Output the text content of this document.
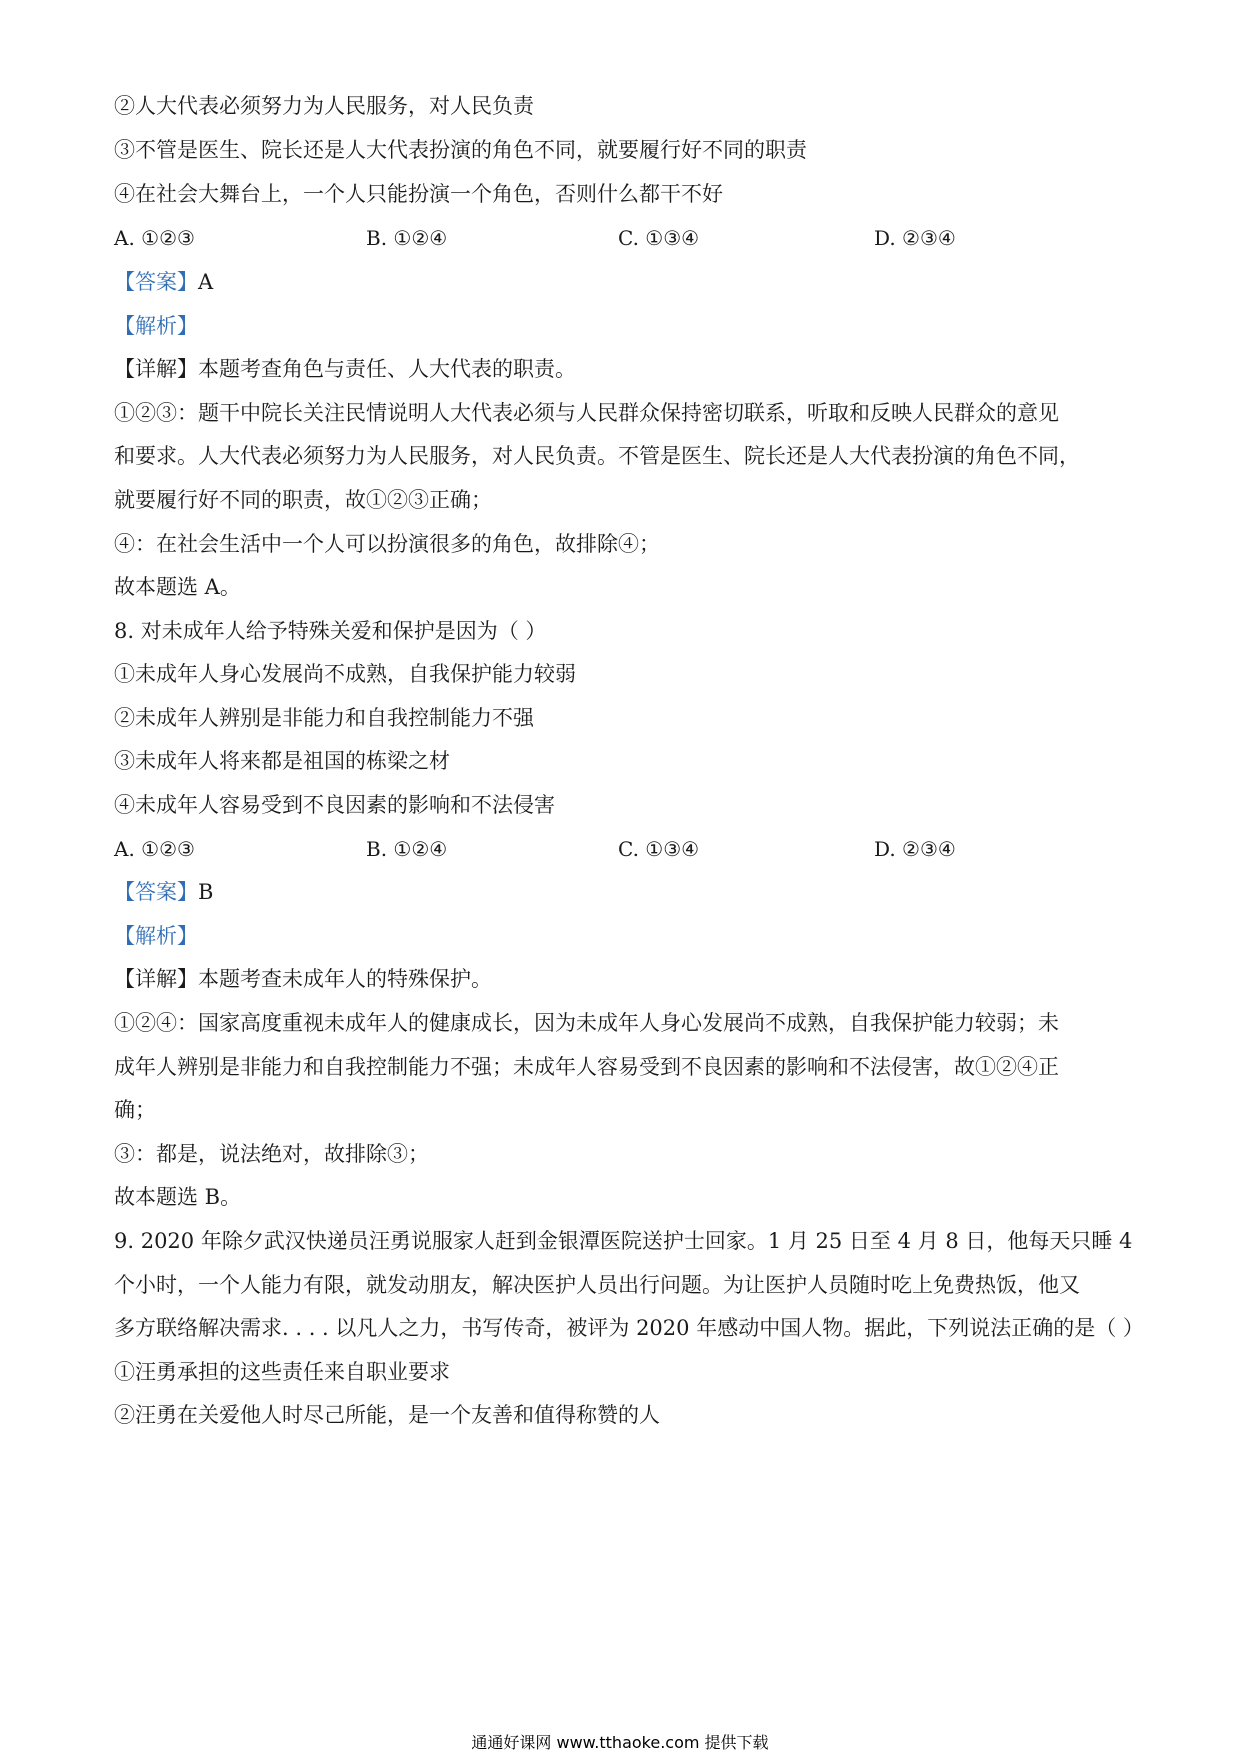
②人大代表必须努力为人民服务，对人民负责
③不管是医生、院长还是人大代表扮演的角色不同，就要履行好不同的职责
④在社会大舞台上，一个人只能扮演一个角色，否则什么都干不好
A. ①②③	B. ①②④	C. ①③④	D. ②③④
【答案】A
【解析】
【详解】本题考查角色与责任、人大代表的职责。
①②③：题干中院长关注民情说明人大代表必须与人民群众保持密切联系，听取和反映人民群众的意见
和要求。人大代表必须努力为人民服务，对人民负责。不管是医生、院长还是人大代表扮演的角色不同，
就要履行好不同的职责，故①②③正确；
④：在社会生活中一个人可以扮演很多的角色，故排除④；
故本题选 A。
8. 对未成年人给予特殊关爱和保护是因为（ ）
①未成年人身心发展尚不成熟，自我保护能力较弱
②未成年人辨别是非能力和自我控制能力不强
③未成年人将来都是祖国的栋梁之材
④未成年人容易受到不良因素的影响和不法侵害
A. ①②③	B. ①②④	C. ①③④	D. ②③④
【答案】B
【解析】
【详解】本题考查未成年人的特殊保护。
①②④：国家高度重视未成年人的健康成长，因为未成年人身心发展尚不成熟，自我保护能力较弱；未
成年人辨别是非能力和自我控制能力不强；未成年人容易受到不良因素的影响和不法侵害，故①②④正
确；
③：都是，说法绝对，故排除③；
故本题选 B。
9. 2020 年除夕武汉快递员汪勇说服家人赶到金银潭医院送护士回家。1 月 25 日至 4 月 8 日，他每天只睡 4
个小时，一个人能力有限，就发动朋友，解决医护人员出行问题。为让医护人员随时吃上免费热饭，他又
多方联络解决需求. . . . 以凡人之力，书写传奇，被评为 2020 年感动中国人物。据此，下列说法正确的是（ ）
①汪勇承担的这些责任来自职业要求
②汪勇在关爱他人时尽己所能，是一个友善和值得称赞的人
通通好课网 www.tthaoke.com 提供下载
